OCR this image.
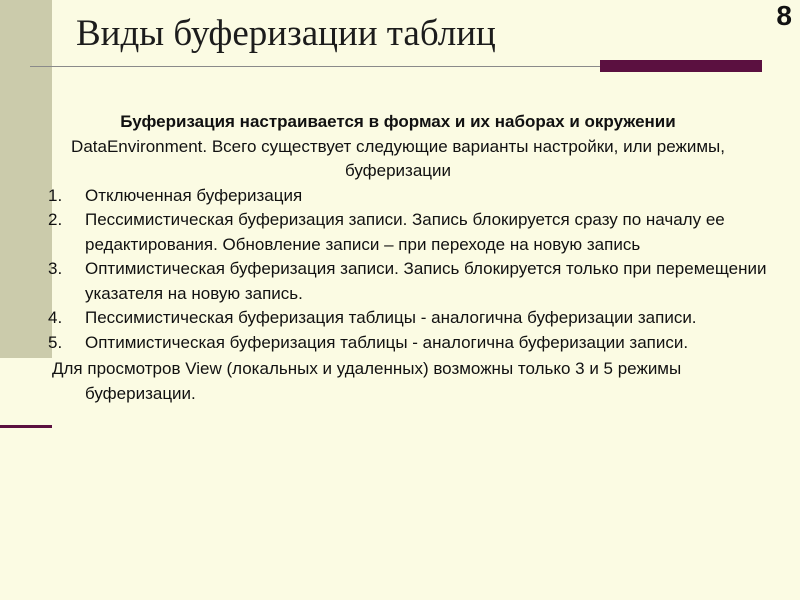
Виды буферизации таблиц	8

Буферизация настраивается в формах и их наборах и окружении
DataEnvironment. Всего существует следующие варианты настройки, или режимы, буферизации

1. Отключенная буферизация
2. Пессимистическая буферизация записи. Запись блокируется сразу по началу ее редактирования. Обновление записи – при переходе на новую запись
3. Оптимистическая буферизация записи. Запись блокируется только при перемещении указателя на новую запись.
4. Пессимистическая буферизация таблицы - аналогична буферизации записи.
5. Оптимистическая буферизация таблицы - аналогична буферизации записи.

Для просмотров View (локальных и удаленных) возможны только 3 и 5 режимы буферизации.
